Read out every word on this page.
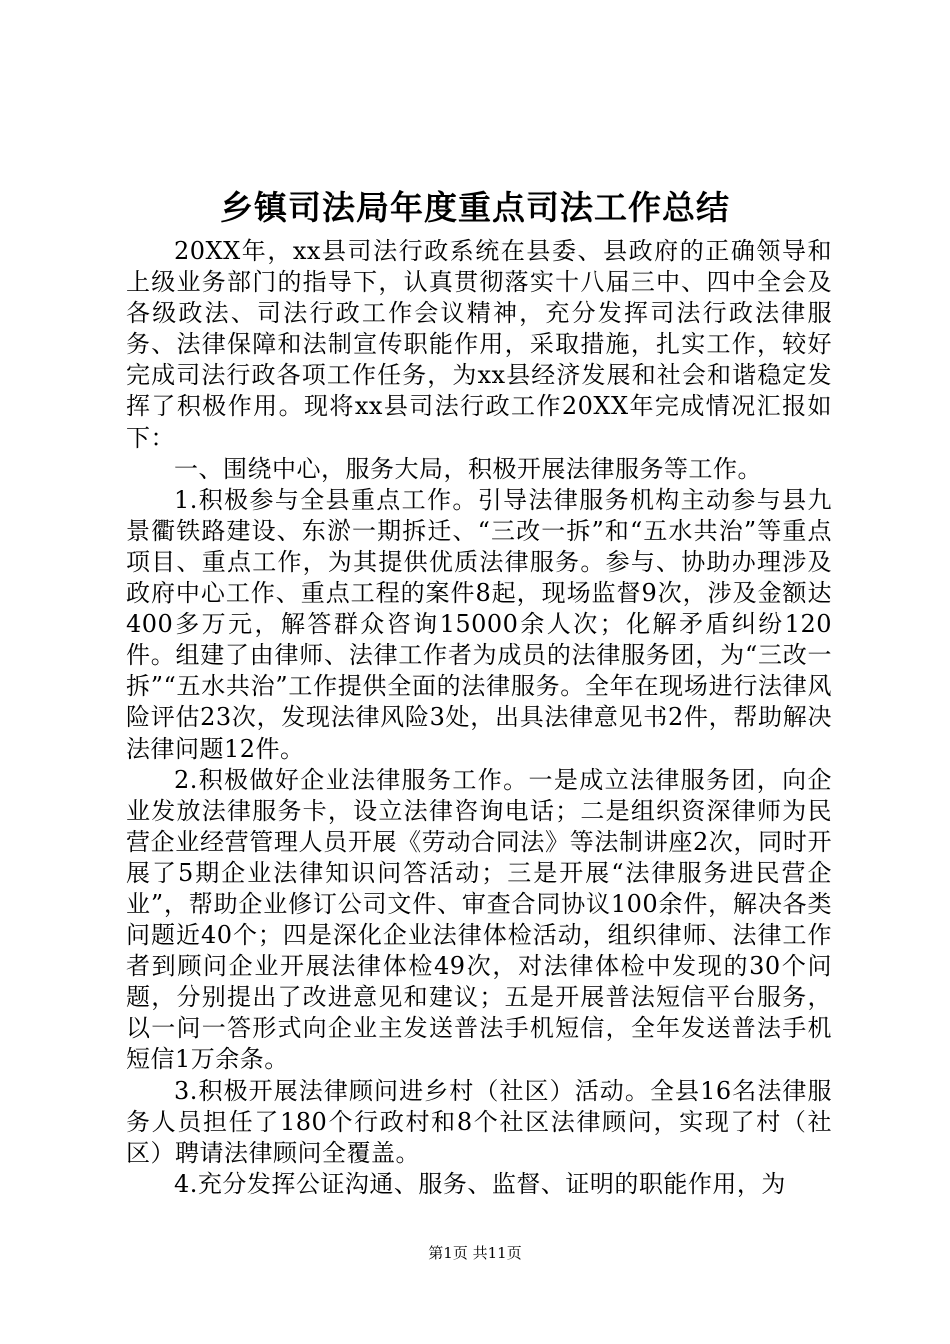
乡镇司法局年度重点司法工作总结

20XX年，xx县司法行政系统在县委、县政府的正确领导和上级业务部门的指导下，认真贯彻落实十八届三中、四中全会及各级政法、司法行政工作会议精神，充分发挥司法行政法律服务、法律保障和法制宣传职能作用，采取措施，扎实工作，较好完成司法行政各项工作任务，为xx县经济发展和社会和谐稳定发挥了积极作用。现将xx县司法行政工作20XX年完成情况汇报如下：

一、围绕中心，服务大局，积极开展法律服务等工作。

1.积极参与全县重点工作。引导法律服务机构主动参与县九景衢铁路建设、东淤一期拆迁、“三改一拆”和“五水共治”等重点项目、重点工作，为其提供优质法律服务。参与、协助办理涉及政府中心工作、重点工程的案件8起，现场监督9次，涉及金额达400多万元，解答群众咨询15000余人次；化解矛盾纠纷120件。组建了由律师、法律工作者为成员的法律服务团，为“三改一拆”“五水共治”工作提供全面的法律服务。全年在现场进行法律风险评估23次，发现法律风险3处，出具法律意见书2件，帮助解决法律问题12件。

2.积极做好企业法律服务工作。一是成立法律服务团，向企业发放法律服务卡，设立法律咨询电话；二是组织资深律师为民营企业经营管理人员开展《劳动合同法》等法制讲座2次，同时开展了5期企业法律知识问答活动；三是开展“法律服务进民营企业”，帮助企业修订公司文件、审查合同协议100余件，解决各类问题近40个；四是深化企业法律体检活动，组织律师、法律工作者到顾问企业开展法律体检49次，对法律体检中发现的30个问题，分别提出了改进意见和建议；五是开展普法短信平台服务，以一问一答形式向企业主发送普法手机短信，全年发送普法手机短信1万余条。

3.积极开展法律顾问进乡村（社区）活动。全县16名法律服务人员担任了180个行政村和8个社区法律顾问，实现了村（社区）聘请法律顾问全覆盖。

4.充分发挥公证沟通、服务、监督、证明的职能作用，为

第1页 共11页
